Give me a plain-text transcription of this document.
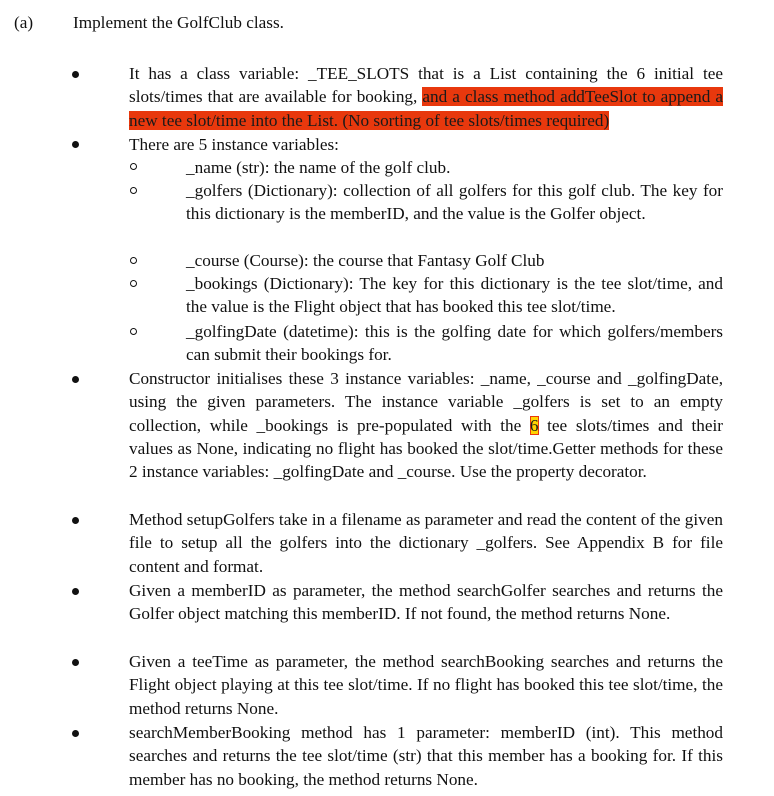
(a) Implement the GolfClub class.
It has a class variable: _TEE_SLOTS that is a List containing the 6 initial tee slots/times that are available for booking, and a class method addTeeSlot to append a new tee slot/time into the List. (No sorting of tee slots/times required)
There are 5 instance variables:
_name (str): the name of the golf club.
_golfers (Dictionary): collection of all golfers for this golf club. The key for this dictionary is the memberID, and the value is the Golfer object.
_course (Course): the course that Fantasy Golf Club
_bookings (Dictionary): The key for this dictionary is the tee slot/time, and the value is the Flight object that has booked this tee slot/time.
_golfingDate (datetime): this is the golfing date for which golfers/members can submit their bookings for.
Constructor initialises these 3 instance variables: _name, _course and _golfingDate, using the given parameters. The instance variable _golfers is set to an empty collection, while _bookings is pre-populated with the 6 tee slots/times and their values as None, indicating no flight has booked the slot/time.Getter methods for these 2 instance variables: _golfingDate and _course. Use the property decorator.
Method setupGolfers take in a filename as parameter and read the content of the given file to setup all the golfers into the dictionary _golfers. See Appendix B for file content and format.
Given a memberID as parameter, the method searchGolfer searches and returns the Golfer object matching this memberID. If not found, the method returns None.
Given a teeTime as parameter, the method searchBooking searches and returns the Flight object playing at this tee slot/time. If no flight has booked this tee slot/time, the method returns None.
searchMemberBooking method has 1 parameter: memberID (int). This method searches and returns the tee slot/time (str) that this member has a booking for. If this member has no booking, the method returns None.
